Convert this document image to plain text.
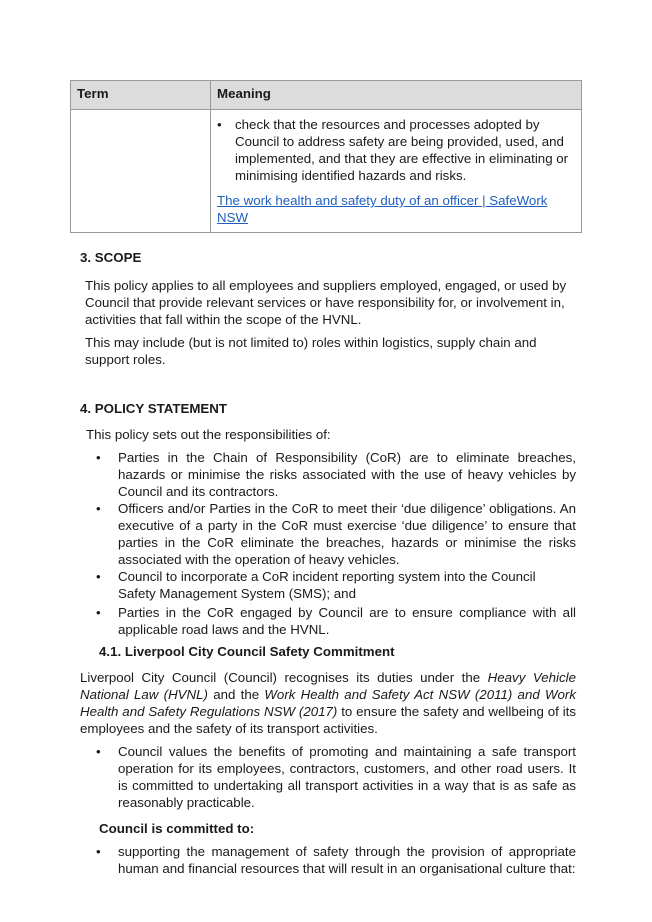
Term	Meaning

	• check that the resources and processes adopted by Council to address safety are being provided, used, and implemented, and that they are effective in eliminating or minimising identified hazards and risks.
The work health and safety duty of an officer | SafeWork NSW
3. SCOPE
This policy applies to all employees and suppliers employed, engaged, or used by Council that provide relevant services or have responsibility for, or involvement in, activities that fall within the scope of the HVNL.
This may include (but is not limited to) roles within logistics, supply chain and support roles.
4. POLICY STATEMENT
This policy sets out the responsibilities of:
• Parties in the Chain of Responsibility (CoR) are to eliminate breaches, hazards or minimise the risks associated with the use of heavy vehicles by Council and its contractors.
• Officers and/or Parties in the CoR to meet their ‘due diligence’ obligations. An executive of a party in the CoR must exercise ‘due diligence’ to ensure that parties in the CoR eliminate the breaches, hazards or minimise the risks associated with the operation of heavy vehicles.
• Council to incorporate a CoR incident reporting system into the Council Safety Management System (SMS); and
• Parties in the CoR engaged by Council are to ensure compliance with all applicable road laws and the HVNL.
4.1. Liverpool City Council Safety Commitment
Liverpool City Council (Council) recognises its duties under the Heavy Vehicle National Law (HVNL) and the Work Health and Safety Act NSW (2011) and Work Health and Safety Regulations NSW (2017) to ensure the safety and wellbeing of its employees and the safety of its transport activities.
• Council values the benefits of promoting and maintaining a safe transport operation for its employees, contractors, customers, and other road users. It is committed to undertaking all transport activities in a way that is as safe as reasonably practicable.
Council is committed to:
• supporting the management of safety through the provision of appropriate human and financial resources that will result in an organisational culture that:
